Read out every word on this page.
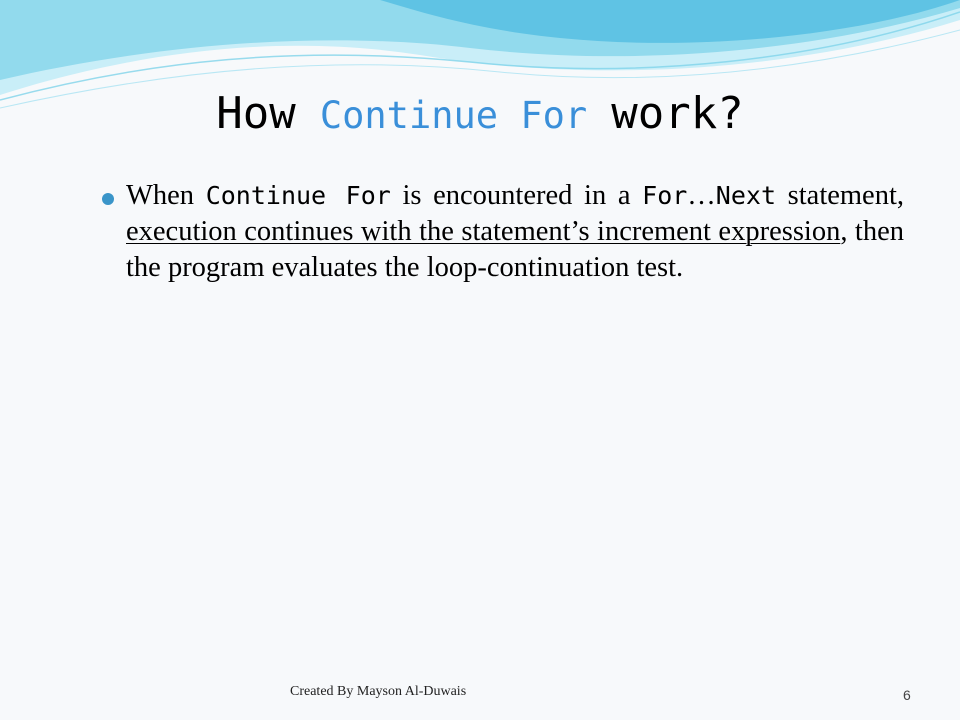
How Continue For work?
When Continue For is encountered in a For…Next statement, execution continues with the statement’s increment expression, then the program evaluates the loop-continuation test.
Created By Mayson Al-Duwais	6
